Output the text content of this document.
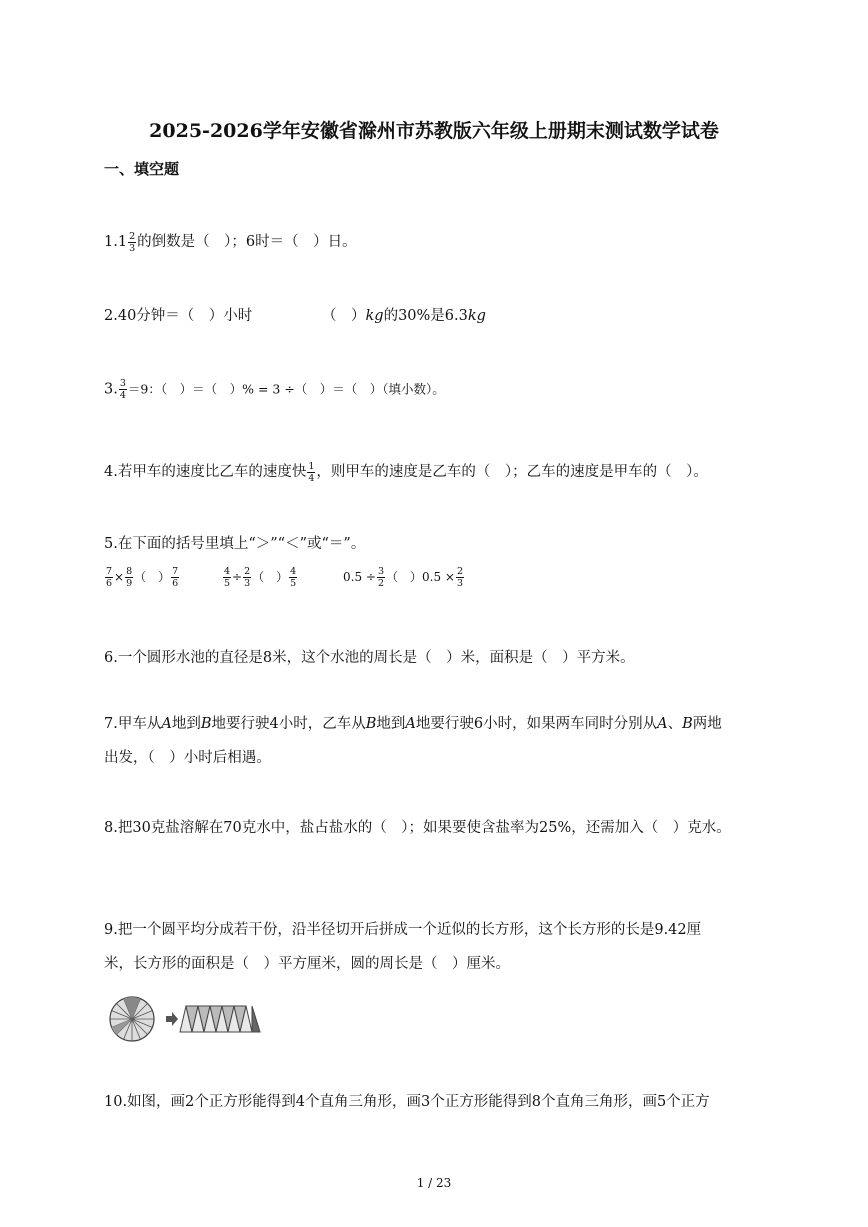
2025-2026学年安徽省滁州市苏教版六年级上册期末测试数学试卷
一、填空题
$1.1 \frac{2}{3}$ 的倒数是（　）；6时＝（　）日。
2.40分钟＝（　）小时	（　）kg的30%是6.3kg
3. $\frac{3}{4} =9$：（　）＝（　）% = 3 ÷（　）＝（　）（填小数）。
4.若甲车的速度比乙车的速度快 $\frac{1}{4}$ ，则甲车的速度是乙车的（　）；乙车的速度是甲车的（　）。
5.在下面的括号里填上“＞”“＜”或“＝”。
$\frac{7}{6} \times \frac{8}{9}$ （　） $\frac{7}{6}$	$\frac{4}{5} \div \frac{2}{3}$ （　） $\frac{4}{5}$	$0.5 \div \frac{3}{2}$ （　）$0.5 \times \frac{2}{3}$
6.一个圆形水池的直径是8米，这个水池的周长是（　）米，面积是（　）平方米。
7.甲车从A地到B地要行驶4小时，乙车从B地到A地要行驶6小时，如果两车同时分别从A、B两地
出发，（　）小时后相遇。
8.把30克盐溶解在70克水中，盐占盐水的（　）；如果要使含盐率为25%，还需加入（　）克水。
9.把一个圆平均分成若干份，沿半径切开后拼成一个近似的长方形，这个长方形的长是9.42厘
米，长方形的面积是（　）平方厘米，圆的周长是（　）厘米。
10.如图，画2个正方形能得到4个直角三角形，画3个正方形能得到8个直角三角形，画5个正方
1 / 23
